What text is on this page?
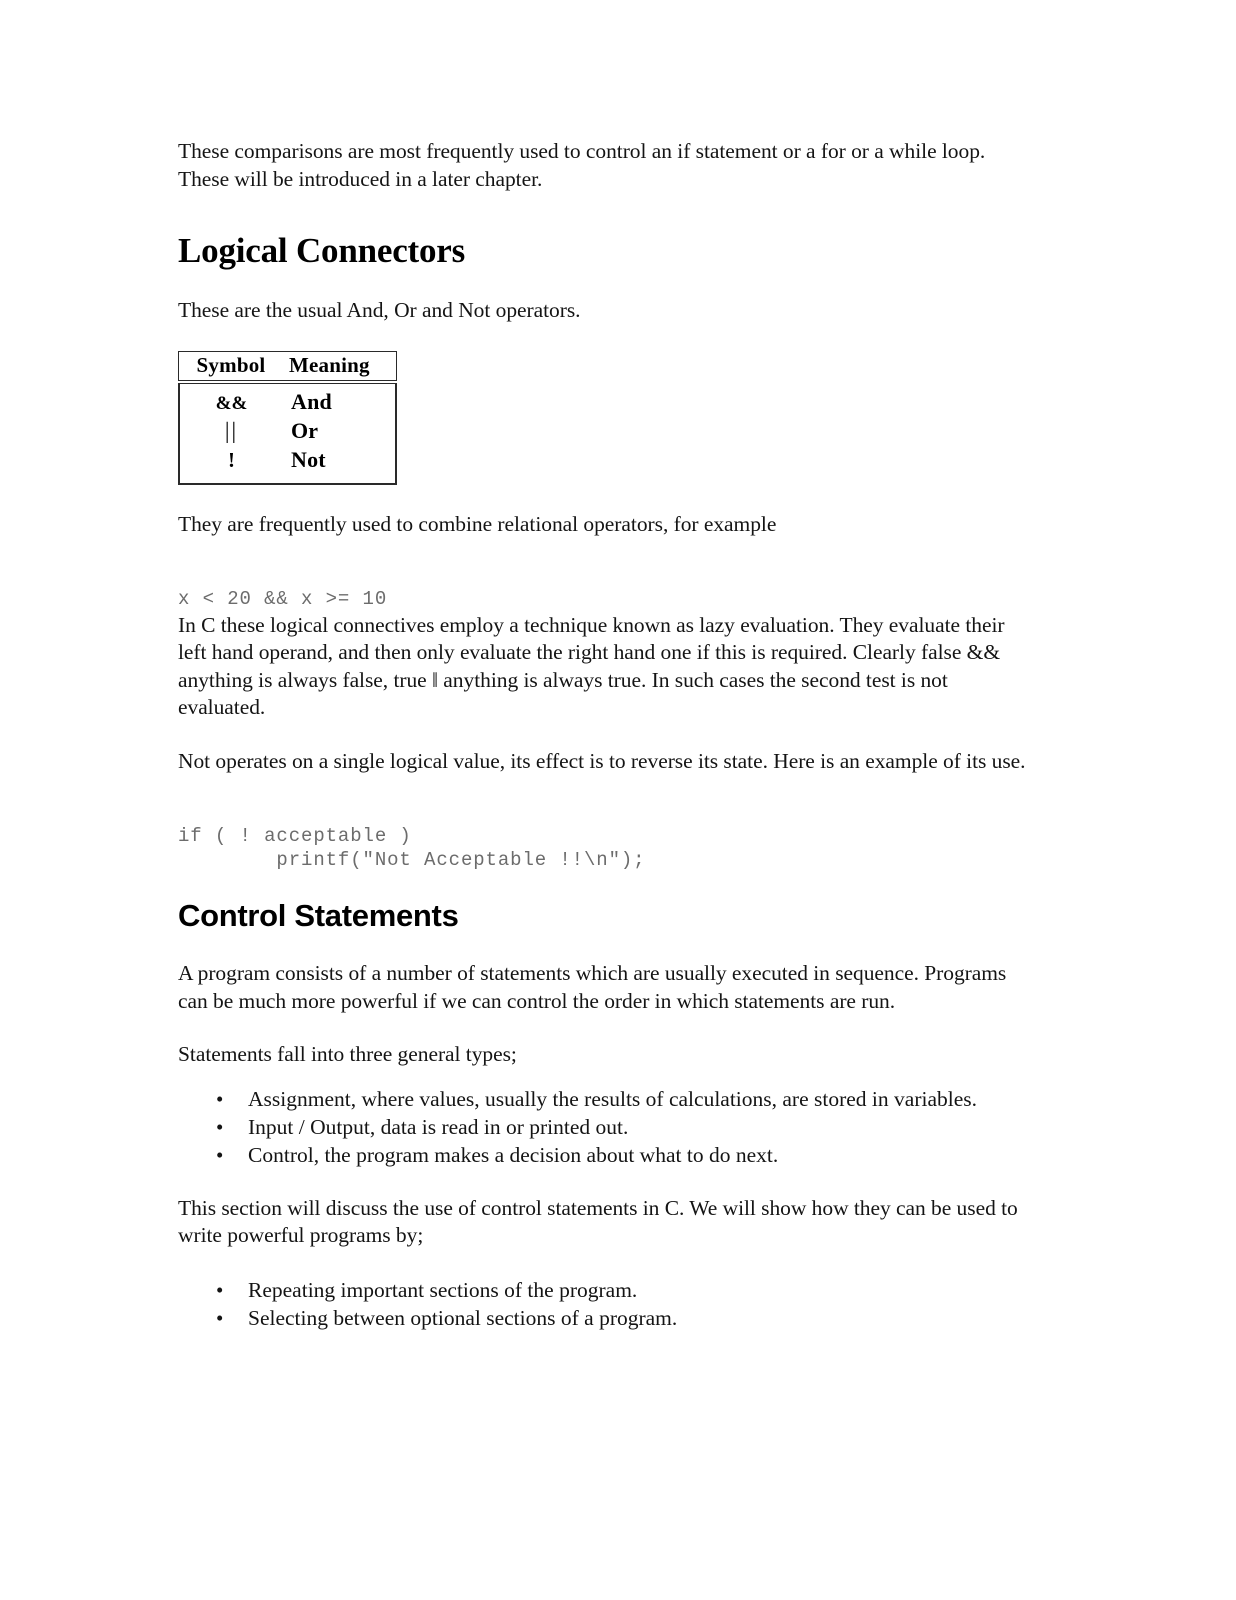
These comparisons are most frequently used to control an if statement or a for or a while loop. These will be introduced in a later chapter.

Logical Connectors

These are the usual And, Or and Not operators.

Symbol	Meaning
&&	And
||	Or
!	Not

They are frequently used to combine relational operators, for example

x < 20 && x >= 10

In C these logical connectives employ a technique known as lazy evaluation. They evaluate their left hand operand, and then only evaluate the right hand one if this is required. Clearly false && anything is always false, true ‖ anything is always true. In such cases the second test is not evaluated.

Not operates on a single logical value, its effect is to reverse its state. Here is an example of its use.

if ( ! acceptable )
printf("Not Acceptable !!\n");
Control Statements

A program consists of a number of statements which are usually executed in sequence. Programs can be much more powerful if we can control the order in which statements are run.

Statements fall into three general types;

• Assignment, where values, usually the results of calculations, are stored in variables.
• Input / Output, data is read in or printed out.
• Control, the program makes a decision about what to do next.

This section will discuss the use of control statements in C. We will show how they can be used to write powerful programs by;

• Repeating important sections of the program.
• Selecting between optional sections of a program.
